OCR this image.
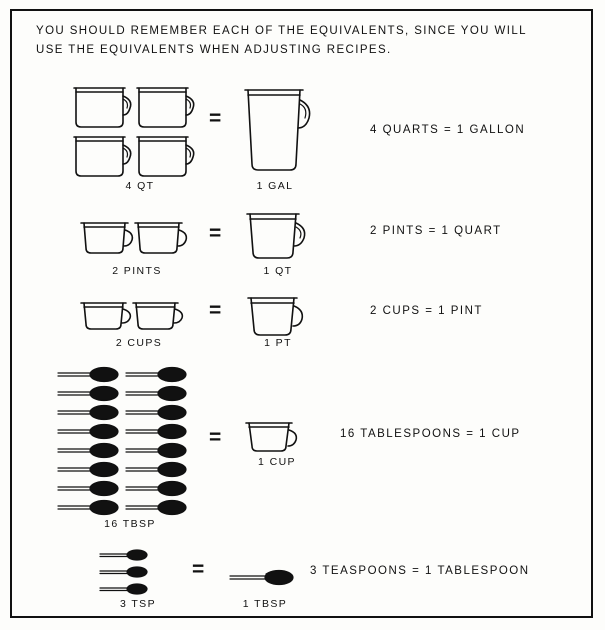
YOU SHOULD REMEMBER EACH OF THE EQUIVALENTS, SINCE YOU WILL USE THE EQUIVALENTS WHEN ADJUSTING RECIPES.
=
4 QT	1 GAL
4 QUARTS = 1 GALLON
=
2 PINTS	1 QT
2 PINTS = 1 QUART
=
2 CUPS	1 PT
2 CUPS = 1 PINT
=
16 TBSP
1 CUP
16 TABLESPOONS = 1 CUP
=
3 TSP	1 TBSP
3 TEASPOONS = 1 TABLESPOON
